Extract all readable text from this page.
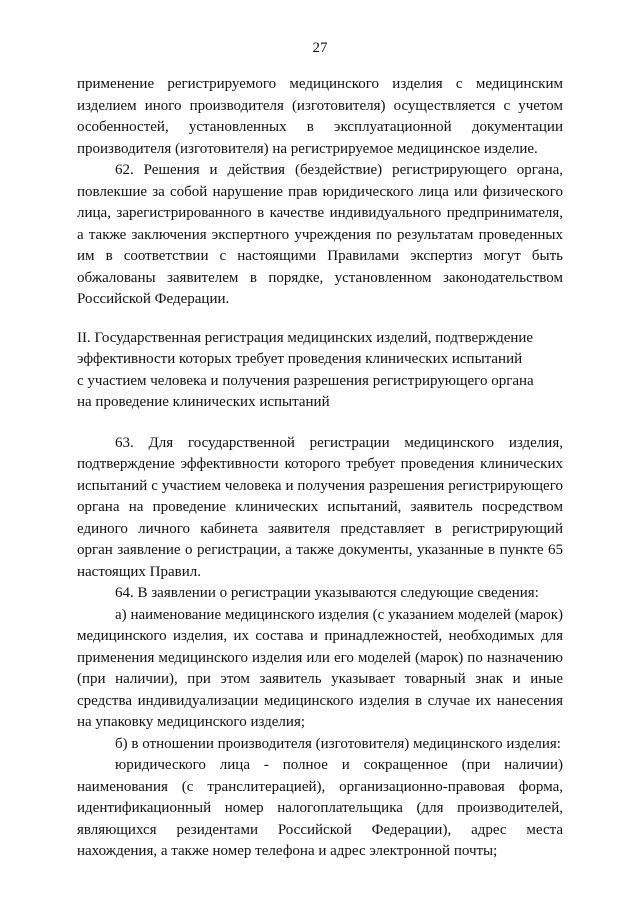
27

применение регистрируемого медицинского изделия с медицинским изделием иного производителя (изготовителя) осуществляется с учетом особенностей, установленных в эксплуатационной документации производителя (изготовителя) на регистрируемое медицинское изделие.

62. Решения и действия (бездействие) регистрирующего органа, повлекшие за собой нарушение прав юридического лица или физического лица, зарегистрированного в качестве индивидуального предпринимателя, а также заключения экспертного учреждения по результатам проведенных им в соответствии с настоящими Правилами экспертиз могут быть обжалованы заявителем в порядке, установленном законодательством Российской Федерации.

II. Государственная регистрация медицинских изделий, подтверждение

эффективности которых требует проведения клинических испытаний

с участием человека и получения разрешения регистрирующего органа

на проведение клинических испытаний

63. Для государственной регистрации медицинского изделия, подтверждение эффективности которого требует проведения клинических испытаний с участием человека и получения разрешения регистрирующего органа на проведение клинических испытаний, заявитель посредством единого личного кабинета заявителя представляет в регистрирующий орган заявление о регистрации, а также документы, указанные в пункте 65 настоящих Правил.

64. В заявлении о регистрации указываются следующие сведения:

а) наименование медицинского изделия (с указанием моделей (марок) медицинского изделия, их состава и принадлежностей, необходимых для применения медицинского изделия или его моделей (марок) по назначению (при наличии), при этом заявитель указывает товарный знак и иные средства индивидуализации медицинского изделия в случае их нанесения на упаковку медицинского изделия;

б) в отношении производителя (изготовителя) медицинского изделия:

юридического лица - полное и сокращенное (при наличии) наименования (с транслитерацией), организационно-правовая форма, идентификационный номер налогоплательщика (для производителей, являющихся резидентами Российской Федерации), адрес места нахождения, а также номер телефона и адрес электронной почты;
